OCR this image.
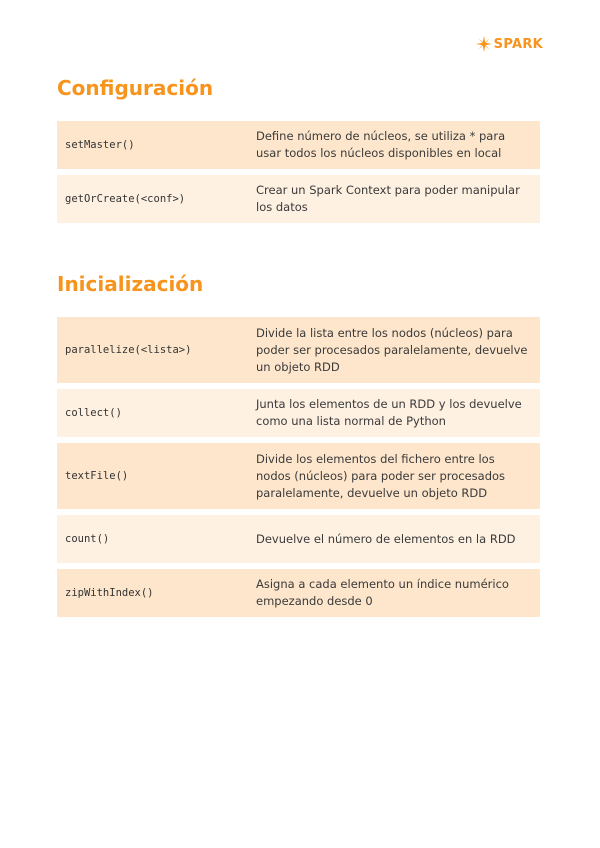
SPARK
Configuración
setMaster()
Define número de núcleos, se utiliza * para usar todos los núcleos disponibles en local
getOrCreate(<conf>)
Crear un Spark Context para poder manipular los datos
Inicialización
parallelize(<lista>)
Divide la lista entre los nodos (núcleos) para poder ser procesados paralelamente, devuelve un objeto RDD
collect()
Junta los elementos de un RDD y los devuelve como una lista normal de Python
textFile()
Divide los elementos del fichero entre los nodos (núcleos) para poder ser procesados paralelamente, devuelve un objeto RDD
count()	Devuelve el número de elementos en la RDD
zipWithIndex()
Asigna a cada elemento un índice numérico empezando desde 0
